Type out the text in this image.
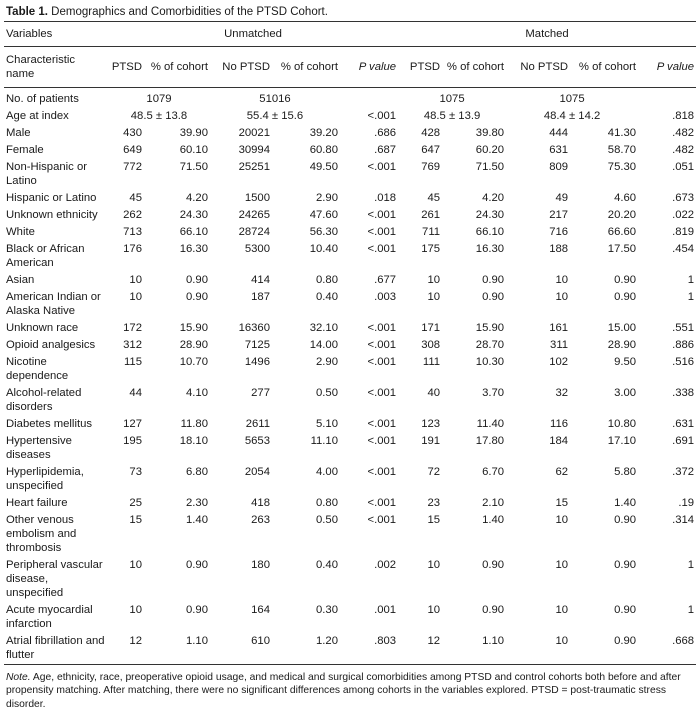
Table 1. Demographics and Comorbidities of the PTSD Cohort.
Variables	Unmatched					Matched				
Characteristic name	PTSD	% of cohort	No PTSD	% of cohort	P value	PTSD	% of cohort	No PTSD	% of cohort	P value
No. of patients	1079		51016			1075		1075		
Age at index	48.5 ± 13.8		55.4 ± 15.6		<.001	48.5 ± 13.9		48.4 ± 14.2		.818
Male	430	39.90	20021	39.20	.686	428	39.80	444	41.30	.482
Female	649	60.10	30994	60.80	.687	647	60.20	631	58.70	.482
Non-Hispanic or Latino	772	71.50	25251	49.50	<.001	769	71.50	809	75.30	.051
Hispanic or Latino	45	4.20	1500	2.90	.018	45	4.20	49	4.60	.673
Unknown ethnicity	262	24.30	24265	47.60	<.001	261	24.30	217	20.20	.022
White	713	66.10	28724	56.30	<.001	711	66.10	716	66.60	.819
Black or African American	176	16.30	5300	10.40	<.001	175	16.30	188	17.50	.454
Asian	10	0.90	414	0.80	.677	10	0.90	10	0.90	1
American Indian or Alaska Native	10	0.90	187	0.40	.003	10	0.90	10	0.90	1
Unknown race	172	15.90	16360	32.10	<.001	171	15.90	161	15.00	.551
Opioid analgesics	312	28.90	7125	14.00	<.001	308	28.70	311	28.90	.886
Nicotine dependence	115	10.70	1496	2.90	<.001	111	10.30	102	9.50	.516
Alcohol-related disorders	44	4.10	277	0.50	<.001	40	3.70	32	3.00	.338
Diabetes mellitus	127	11.80	2611	5.10	<.001	123	11.40	116	10.80	.631
Hypertensive diseases	195	18.10	5653	11.10	<.001	191	17.80	184	17.10	.691
Hyperlipidemia, unspecified	73	6.80	2054	4.00	<.001	72	6.70	62	5.80	.372
Heart failure	25	2.30	418	0.80	<.001	23	2.10	15	1.40	.19
Other venous embolism and thrombosis	15	1.40	263	0.50	<.001	15	1.40	10	0.90	.314
Peripheral vascular disease, unspecified	10	0.90	180	0.40	.002	10	0.90	10	0.90	1
Acute myocardial infarction	10	0.90	164	0.30	.001	10	0.90	10	0.90	1
Atrial fibrillation and flutter	12	1.10	610	1.20	.803	12	1.10	10	0.90	.668

Note. Age, ethnicity, race, preoperative opioid usage, and medical and surgical comorbidities among PTSD and control cohorts both before and after propensity matching. After matching, there were no significant differences among cohorts in the variables explored. PTSD = post-traumatic stress disorder.
